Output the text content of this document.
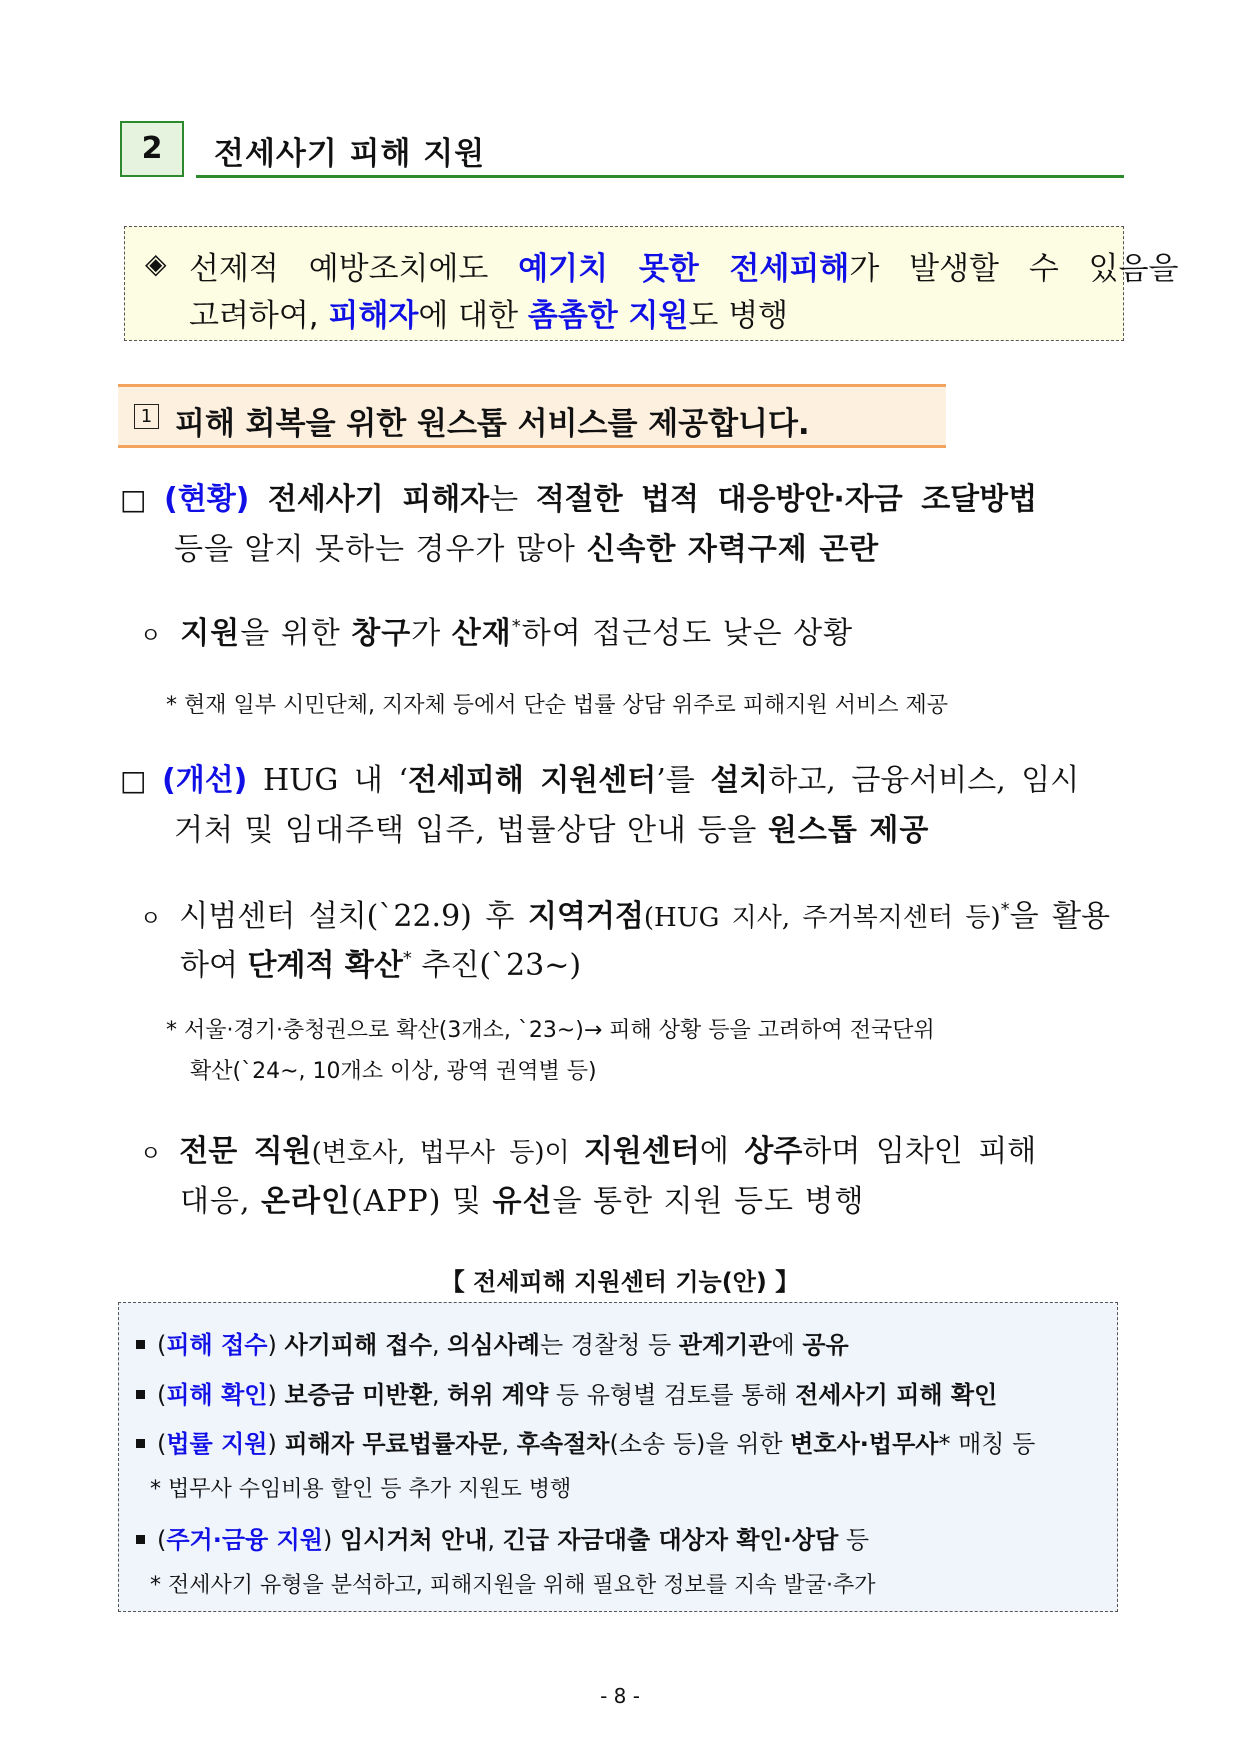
2	전세사기 피해 지원
◈ 선제적 예방조치에도 예기치 못한 전세피해가 발생할 수 있음을
고려하여, 피해자에 대한 촘촘한 지원도 병행
1 피해 회복을 위한 원스톱 서비스를 제공합니다.
□ (현황) 전세사기 피해자는 적절한 법적 대응방안·자금 조달방법
등을 알지 못하는 경우가 많아 신속한 자력구제 곤란
ㅇ 지원을 위한 창구가 산재*하여 접근성도 낮은 상황
* 현재 일부 시민단체, 지자체 등에서 단순 법률 상담 위주로 피해지원 서비스 제공
□ (개선) HUG 내 ‘전세피해 지원센터’를 설치하고, 금융서비스, 임시
거처 및 임대주택 입주, 법률상담 안내 등을 원스톱 제공
ㅇ 시범센터 설치(`22.9) 후 지역거점(HUG 지사, 주거복지센터 등)*을 활용
하여 단계적 확산* 추진(`23~)
* 서울·경기·충청권으로 확산(3개소, `23~)→ 피해 상황 등을 고려하여 전국단위
확산(`24~, 10개소 이상, 광역 권역별 등)
ㅇ 전문 직원(변호사, 법무사 등)이 지원센터에 상주하며 임차인 피해
대응, 온라인(APP) 및 유선을 통한 지원 등도 병행
【 전세피해 지원센터 기능(안) 】
(피해 접수) 사기피해 접수, 의심사례는 경찰청 등 관계기관에 공유
(피해 확인) 보증금 미반환, 허위 계약 등 유형별 검토를 통해 전세사기 피해 확인
(법률 지원) 피해자 무료법률자문, 후속절차(소송 등)을 위한 변호사·법무사* 매칭 등
* 법무사 수임비용 할인 등 추가 지원도 병행
(주거·금융 지원) 임시거처 안내, 긴급 자금대출 대상자 확인·상담 등
* 전세사기 유형을 분석하고, 피해지원을 위해 필요한 정보를 지속 발굴·추가
- 8 -
